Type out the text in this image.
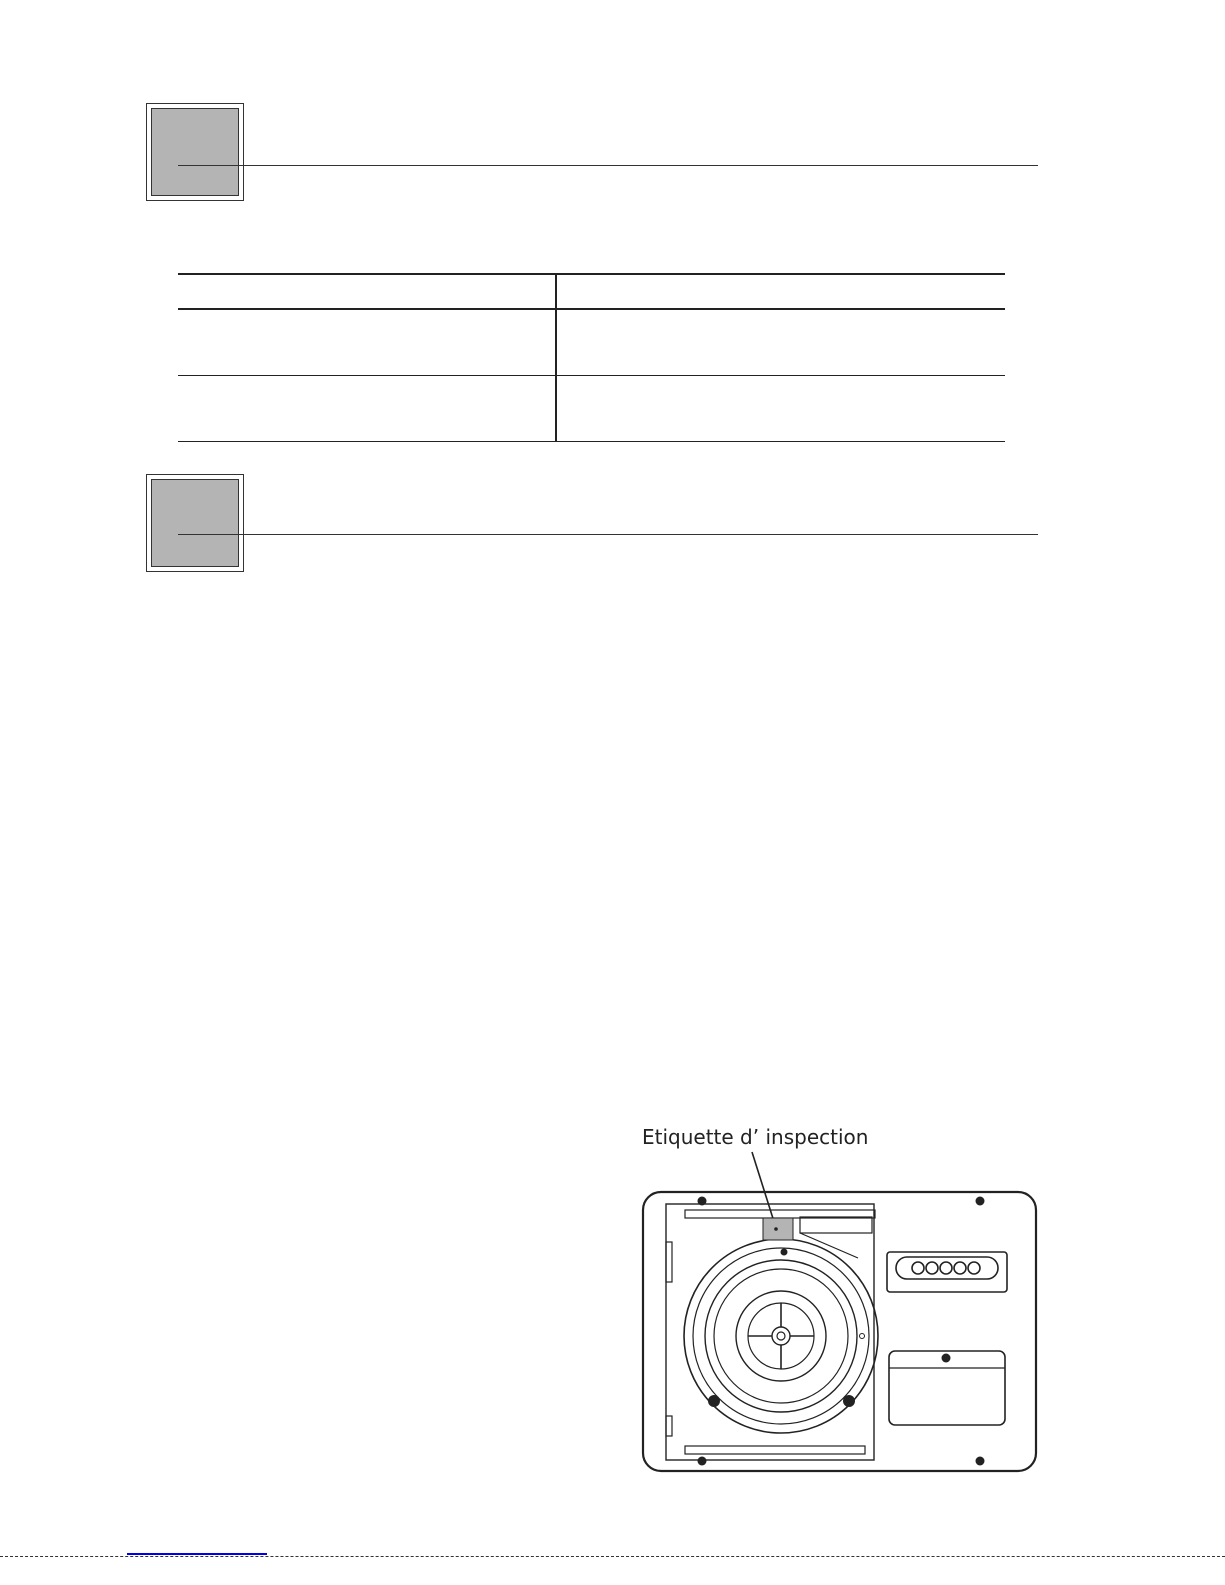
Etiquette d’ inspection
